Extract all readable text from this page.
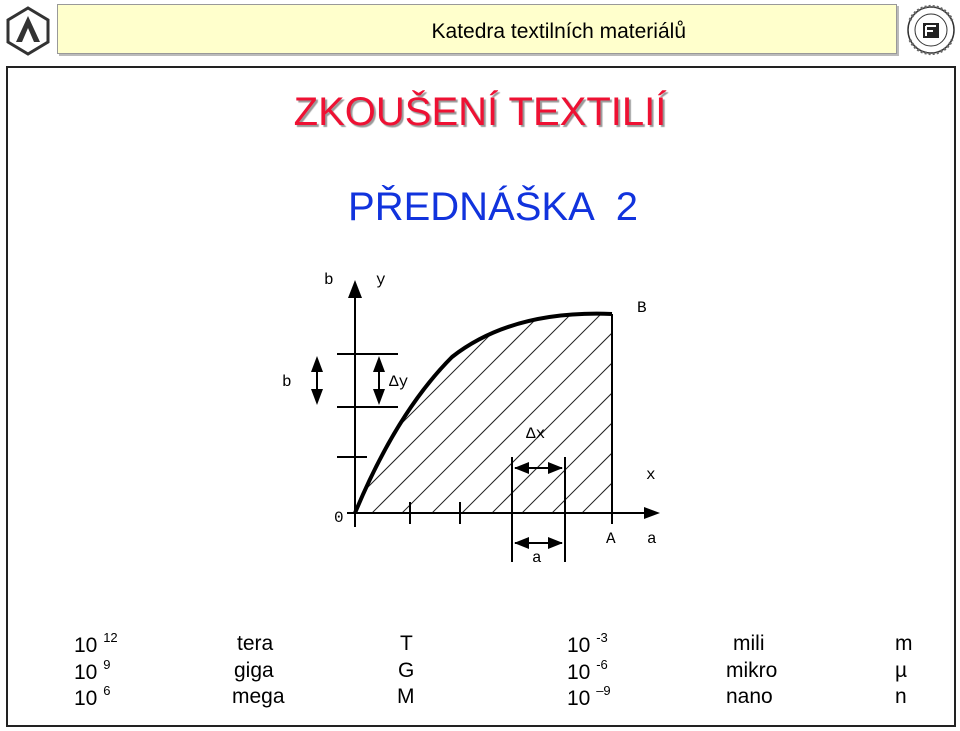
Katedra textilních materiálů
ZKOUŠENÍ TEXTILIÍ
PŘEDNÁŠKA 2
b	y
B
b	Δy
Δx
x
0
A a
a
10 $^{12}$	tera	T	10 $^{-3}$	mili	m
10 $^9$	giga	G	10 $^{-6}$	mikro	µ
10 $^6$	mega	M	10 $^{-9}$	nano	n
